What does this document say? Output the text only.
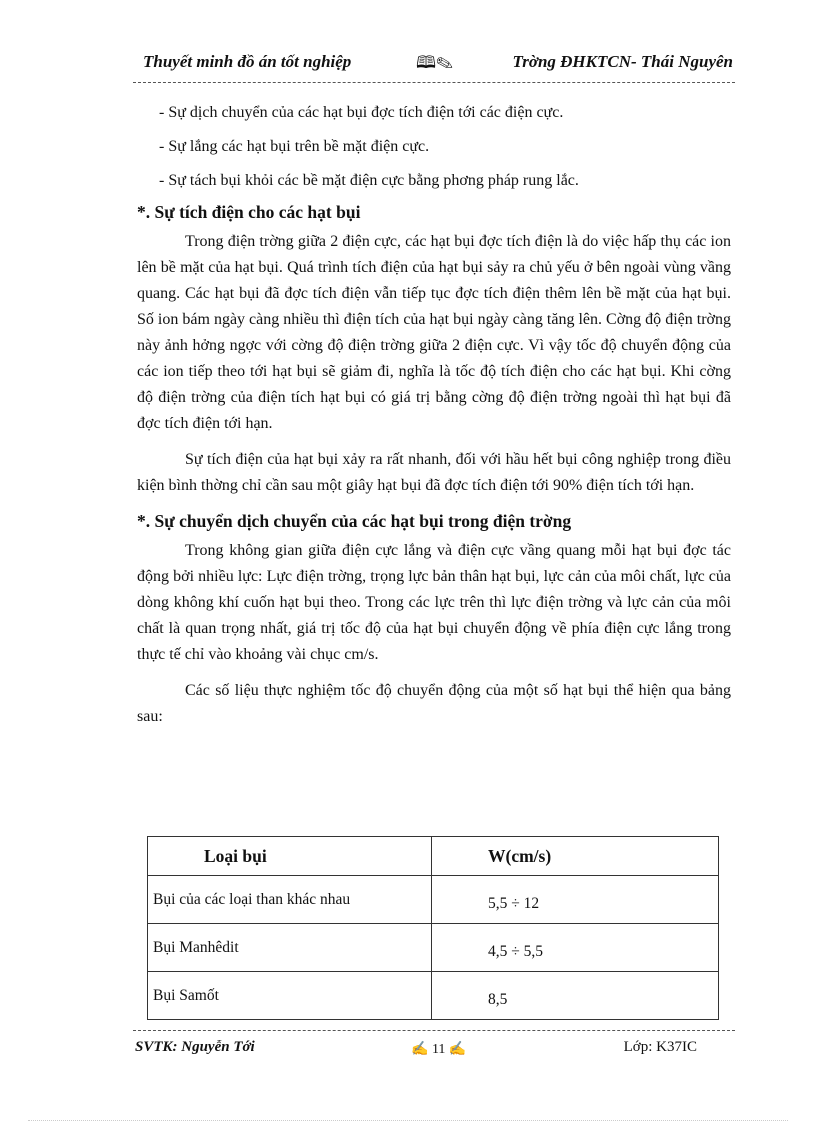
Thuyết minh đồ án tốt nghiệp	🕮✎	Trờng ĐHKTCN- Thái Nguyên

- Sự dịch chuyển của các hạt bụi đợc tích điện tới các điện cực.

- Sự lắng các hạt bụi trên bề mặt điện cực.

- Sự tách bụi khỏi các bề mặt điện cực bằng phơng pháp rung lắc.

*. Sự tích điện cho các hạt bụi

Trong điện trờng giữa 2 điện cực, các hạt bụi đợc tích điện là do việc hấp thụ các ion lên bề mặt của hạt bụi. Quá trình tích điện của hạt bụi sảy ra chủ yếu ở bên ngoài vùng vầng quang. Các hạt bụi đã đợc tích điện vẫn tiếp tục đợc tích điện thêm lên bề mặt của hạt bụi. Số ion bám ngày càng nhiều thì điện tích của hạt bụi ngày càng tăng lên. Cờng độ điện trờng này ảnh hởng ngợc với cờng độ điện trờng giữa 2 điện cực. Vì vậy tốc độ chuyển động của các ion tiếp theo tới hạt bụi sẽ giảm đi, nghĩa là tốc độ tích điện cho các hạt bụi. Khi cờng độ điện trờng của điện tích hạt bụi có giá trị bằng cờng độ điện trờng ngoài thì hạt bụi đã đợc tích điện tới hạn.

Sự tích điện của hạt bụi xảy ra rất nhanh, đối với hầu hết bụi công nghiệp trong điều kiện bình thờng chỉ cần sau một giây hạt bụi đã đợc tích điện tới 90% điện tích tới hạn.

*. Sự chuyển dịch chuyển của các hạt bụi trong điện trờng

Trong không gian giữa điện cực lắng và điện cực vầng quang mỗi hạt bụi đợc tác động bởi nhiều lực: Lực điện trờng, trọng lực bản thân hạt bụi, lực cản của môi chất, lực của dòng không khí cuốn hạt bụi theo. Trong các lực trên thì lực điện trờng và lực cản của môi chất là quan trọng nhất, giá trị tốc độ của hạt bụi chuyển động về phía điện cực lắng trong thực tế chỉ vào khoảng vài chục cm/s.

Các số liệu thực nghiệm tốc độ chuyển động của một số hạt bụi thể hiện qua bảng sau:

Loại bụi	W(cm/s)
Bụi của các loại than khác nhau	5,5 ÷ 12
Bụi Manhêdit	4,5 ÷ 5,5
Bụi Samốt	8,5
SVTK: Nguyễn Tới	✍ 11 ✍	Lớp: K37IC
